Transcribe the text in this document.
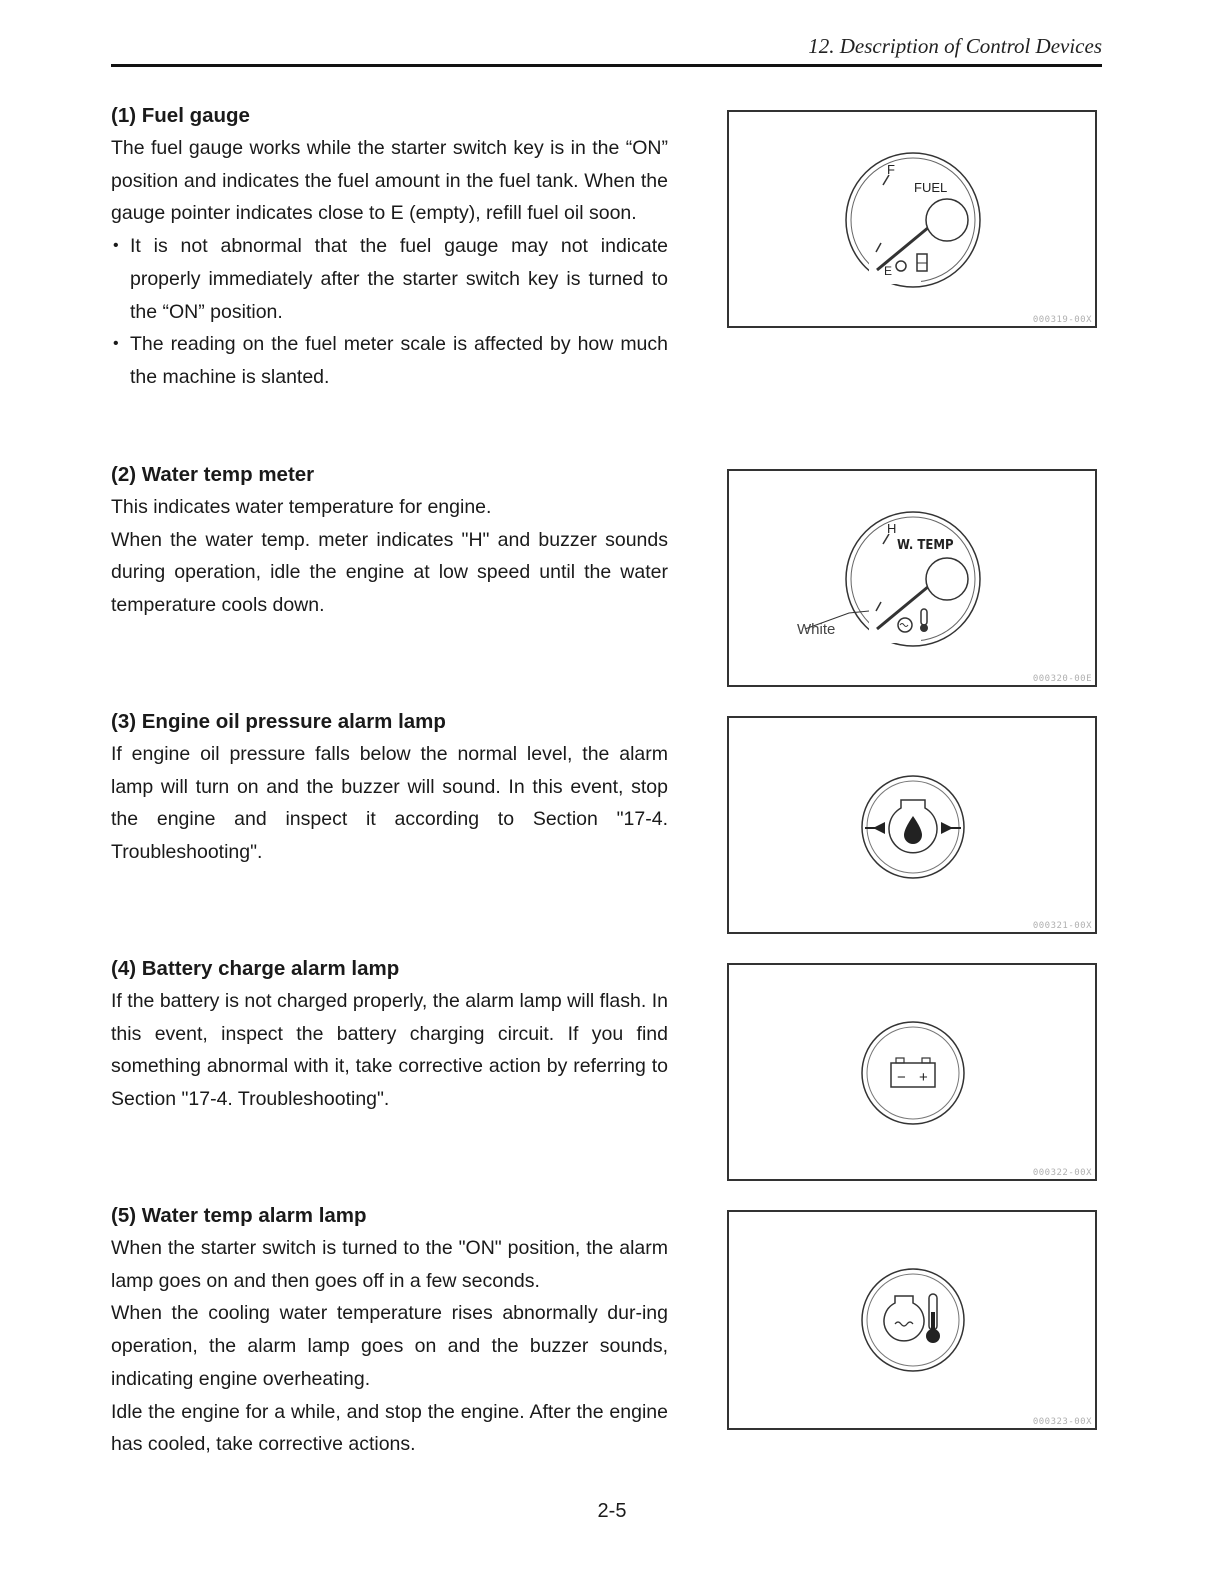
12. Description of Control Devices
(1) Fuel gauge

The fuel gauge works while the starter switch key is in the “ON” position and indicates the fuel amount in the fuel tank. When the gauge pointer indicates close to E (empty), refill fuel oil soon.

• It is not abnormal that the fuel gauge may not indicate properly immediately after the starter switch key is turned to the “ON” position.
• The reading on the fuel meter scale is affected by how much the machine is slanted.
(2) Water temp meter

This indicates water temperature for engine.

When the water temp. meter indicates "H" and buzzer sounds during operation, idle the engine at low speed until the water temperature cools down.

(3) Engine oil pressure alarm lamp

If engine oil pressure falls below the normal level, the alarm lamp will turn on and the buzzer will sound. In this event, stop the engine and inspect it according to Section "17-4. Troubleshooting".

(4) Battery charge alarm lamp

If the battery is not charged properly, the alarm lamp will flash. In this event, inspect the battery charging circuit. If you find something abnormal with it, take corrective action by referring to Section "17-4. Troubleshooting".

(5) Water temp alarm lamp

When the starter switch is turned to the "ON" position, the alarm lamp goes on and then goes off in a few seconds.

When the cooling water temperature rises abnormally dur-ing operation, the alarm lamp goes on and the buzzer sounds, indicating engine overheating.

Idle the engine for a while, and stop the engine. After the engine has cooled, take corrective actions.

F
FUEL
E
000319-00X
H
W. TEMP
White
000320-00E
000321-00X
− +
000322-00X
000323-00X
2-5
